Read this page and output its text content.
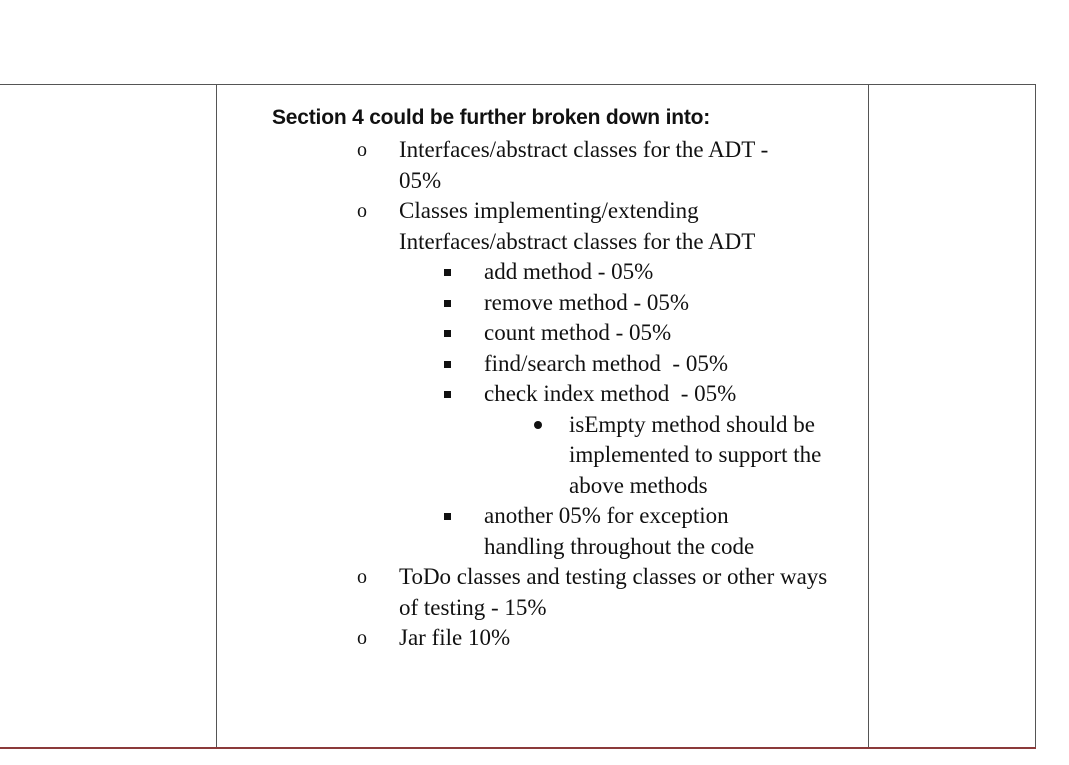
Section 4 could be further broken down into:
o Interfaces/abstract classes for the ADT -
05%
o Classes implementing/extending Interfaces/abstract classes for the ADT
add method - 05%
remove method - 05%
count method - 05%
find/search method  - 05%
check index method  - 05%
isEmpty method should be implemented to support the above methods
another 05% for exception handling throughout the code
o ToDo classes and testing classes or other ways of testing - 15%
o Jar file 10%
